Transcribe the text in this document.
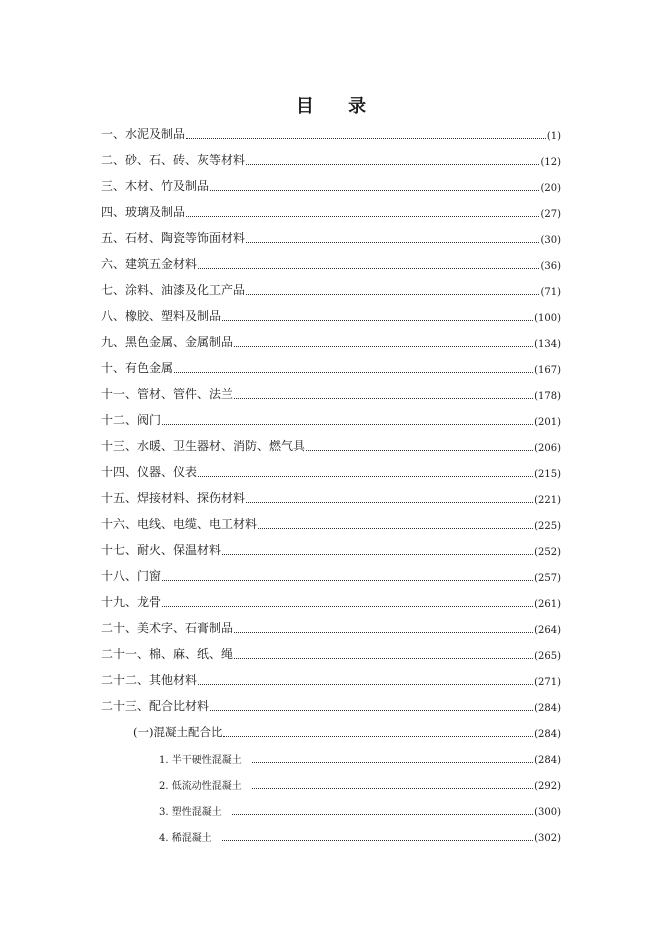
目 录
一、水泥及制品	(1)
二、砂、石、砖、灰等材料	(12)
三、木材、竹及制品	(20)
四、玻璃及制品	(27)
五、石材、陶瓷等饰面材料	(30)
六、建筑五金材料	(36)
七、涂料、油漆及化工产品	(71)
八、橡胶、塑料及制品	(100)
九、黑色金属、金属制品	(134)
十、有色金属	(167)
十一、管材、管件、法兰	(178)
十二、阀门	(201)
十三、水暖、卫生器材、消防、燃气具	(206)
十四、仪器、仪表	(215)
十五、焊接材料、探伤材料	(221)
十六、电线、电缆、电工材料	(225)
十七、耐火、保温材料	(252)
十八、门窗	(257)
十九、龙骨	(261)
二十、美术字、石膏制品	(264)
二十一、棉、麻、纸、绳	(265)
二十二、其他材料	(271)
二十三、配合比材料	(284)
(一)混凝土配合比	(284)
1. 半干硬性混凝土	(284)
2. 低流动性混凝土	(292)
3. 塑性混凝土	(300)
4. 稀混凝土	(302)
